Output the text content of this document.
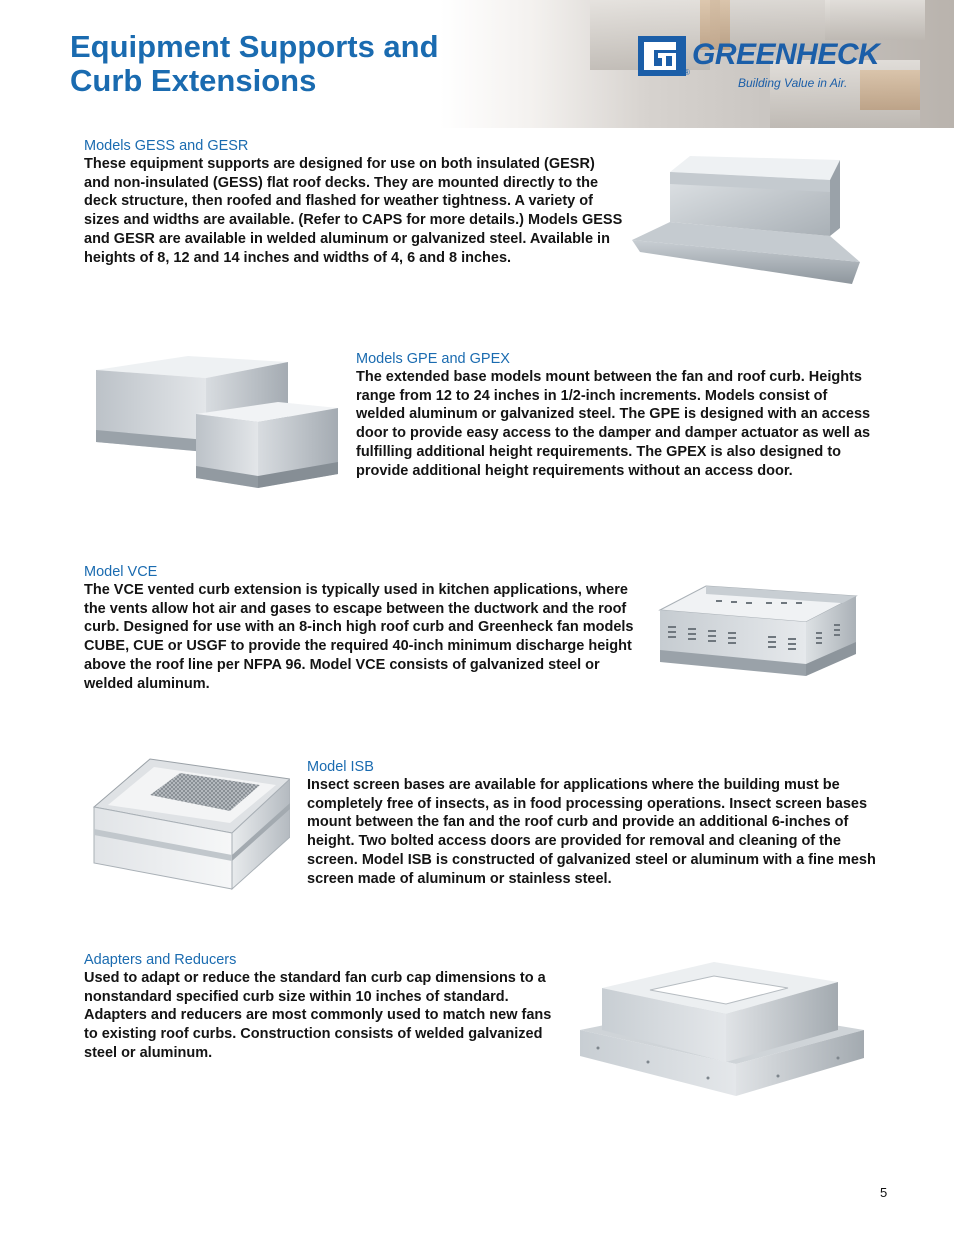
Equipment Supports and
Curb Extensions
GREENHECK
®
Building Value in Air.
Models GESS and GESR

These equipment supports are designed for use on both insulated (GESR) and non-insulated (GESS) flat roof decks. They are mounted directly to the deck structure, then roofed and flashed for weather tightness. A variety of sizes and widths are available. (Refer to CAPS for more details.) Models GESS and GESR are available in welded aluminum or galvanized steel. Available in heights of 8, 12 and 14 inches and widths of 4, 6 and 8 inches.

Models GPE and GPEX

The extended base models mount between the fan and roof curb. Heights range from 12 to 24 inches in 1/2-inch increments. Models consist of welded aluminum or galvanized steel. The GPE is designed with an access door to provide easy access to the damper and damper actuator as well as fulfilling additional height requirements. The GPEX is also designed to provide additional height requirements without an access door.

Model VCE

The VCE vented curb extension is typically used in kitchen applications, where the vents allow hot air and gases to escape between the ductwork and the roof curb. Designed for use with an 8-inch high roof curb and Greenheck fan models CUBE, CUE or USGF to provide the required 40-inch minimum discharge height above the roof line per NFPA 96. Model VCE consists of galvanized steel or welded aluminum.

Model ISB

Insect screen bases are available for applications where the building must be completely free of insects, as in food processing operations. Insect screen bases mount between the fan and the roof curb and provide an additional 6-inches of height. Two bolted access doors are provided for removal and cleaning of the screen. Model ISB is constructed of galvanized steel or aluminum with a fine mesh screen made of aluminum or stainless steel.

Adapters and Reducers

Used to adapt or reduce the standard fan curb cap dimensions to a nonstandard specified curb size within 10 inches of standard. Adapters and reducers are most commonly used to match new fans to existing roof curbs. Construction consists of welded galvanized steel or aluminum.

5
